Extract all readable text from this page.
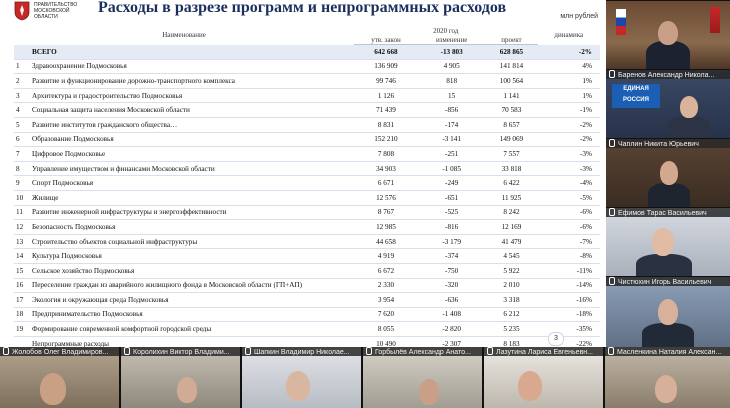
ПРАВИТЕЛЬСТВО МОСКОВСКОЙ ОБЛАСТИ
Расходы в разрезе программ и непрограммных расходов
млн рублей
Наименование		2020 год			динамика
		утв. закон	изменение	проект	
	ВСЕГО	642 668	-13 803	628 865	-2%
1	Здравоохранение Подмосковья	136 909	4 905	141 814	4%
2	Развитие и функционирование дорожно-транспортного комплекса	99 746	818	100 564	1%
3	Архитектура и градостроительство Подмосковья	1 126	15	1 141	1%
4	Социальная защита населения Московской области	71 439	-856	70 583	-1%
5	Развитие институтов гражданского общества…	8 831	-174	8 657	-2%
6	Образование Подмосковья	152 210	-3 141	149 069	-2%
7	Цифровое Подмосковье	7 808	-251	7 557	-3%
8	Управление имуществом и финансами Московской области	34 903	-1 085	33 818	-3%
9	Спорт Подмосковья	6 671	-249	6 422	-4%
10	Жилище	12 576	-651	11 925	-5%
11	Развитие инженерной инфраструктуры и энергоэффективности	8 767	-525	8 242	-6%
12	Безопасность Подмосковья	12 985	-816	12 169	-6%
13	Строительство объектов социальной инфраструктуры	44 658	-3 179	41 479	-7%
14	Культура Подмосковья	4 919	-374	4 545	-8%
15	Сельское хозяйство Подмосковья	6 672	-750	5 922	-11%
16	Переселение граждан из аварийного жилищного фонда в Московской области (ГП+АП)	2 330	-320	2 010	-14%
17	Экология и окружающая среда Подмосковья	3 954	-636	3 318	-16%
18	Предпринимательство Подмосковья	7 620	-1 408	6 212	-18%
19	Формирование современной комфортной городской среды	8 055	-2 820	5 235	-35%
	Непрограммные расходы	10 490	-2 307	8 183	-22%
3
Баренов Александр Никола...
ЕДИНАЯ РОССИЯ
Чаплин Никита Юрьевич
Ефимов Тарас Васильевич
Чистюхин Игорь Васильевич
Жолобов Олег Владимиров...	Королихин Виктор Владими...	Шапкин Владимир Николае...	Горбылёв Александр Анато...	Лазутина Лариса Евгеньевн...	Масленкина Наталия Алексан...
